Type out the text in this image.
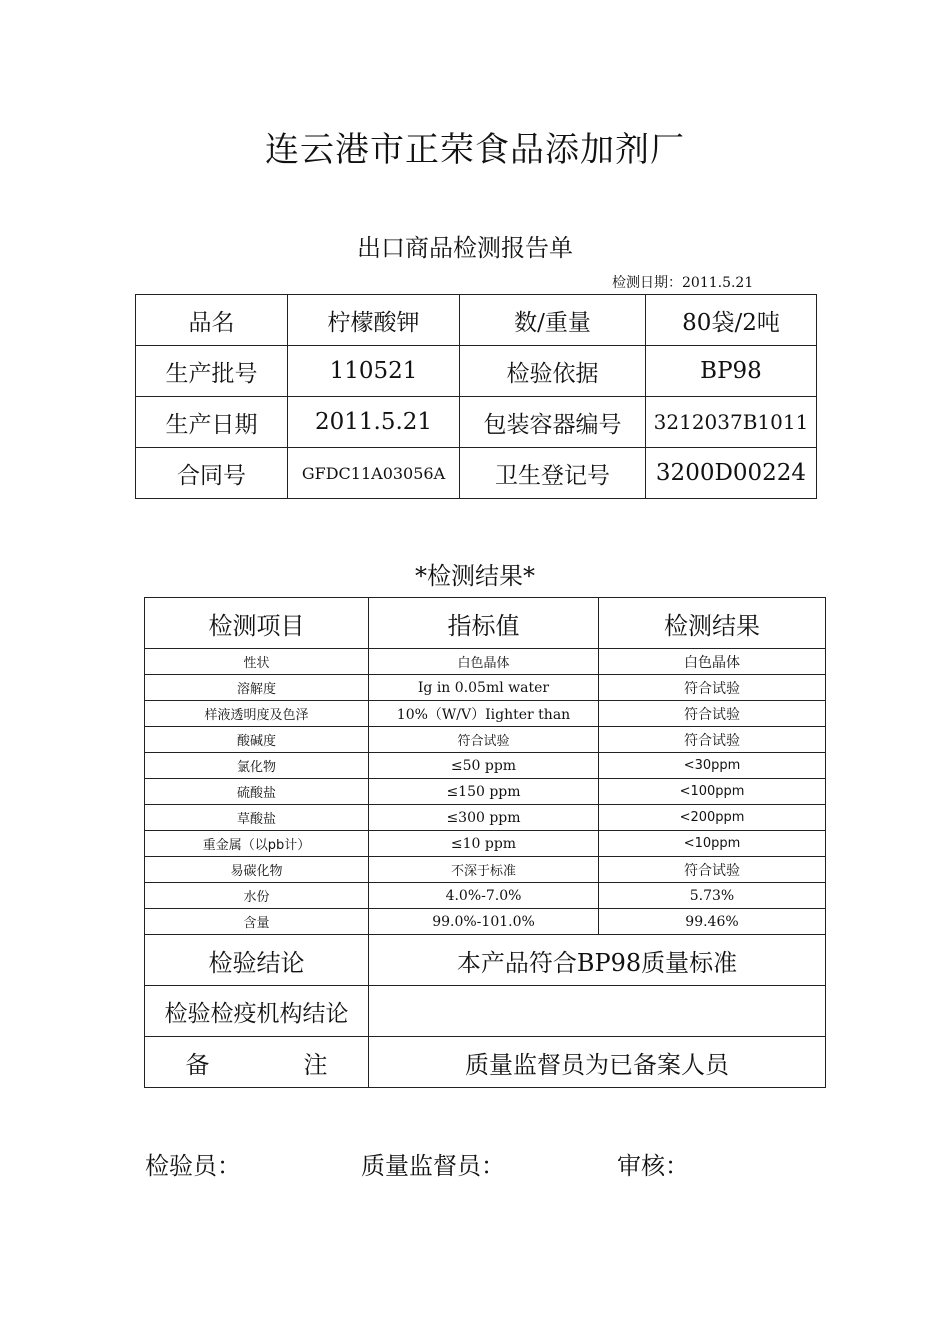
连云港市正荣食品添加剂厂
出口商品检测报告单
检测日期：2011.5.21
品名	柠檬酸钾	数/重量	80袋/2吨
生产批号	110521	检验依据	BP98
生产日期	2011.5.21	包装容器编号	3212037B1011
合同号	GFDC11A03056A	卫生登记号	3200D00224
*检测结果*
检测项目	指标值	检测结果
性状	白色晶体	白色晶体
溶解度	Ig in 0.05ml water	符合试验
样液透明度及色泽	10%（W/V）Iighter than	符合试验
酸碱度	符合试验	符合试验
氯化物	≤50 ppm	<30ppm
硫酸盐	≤150 ppm	<100ppm
草酸盐	≤300 ppm	<200ppm
重金属（以pb计）	≤10 ppm	<10ppm
易碳化物	不深于标准	符合试验
水份	4.0%-7.0%	5.73%
含量	99.0%-101.0%	99.46%
检验结论	本产品符合BP98质量标准	
检验检疫机构结论		
备 注	质量监督员为已备案人员	
检验员：	质量监督员：	审核：
